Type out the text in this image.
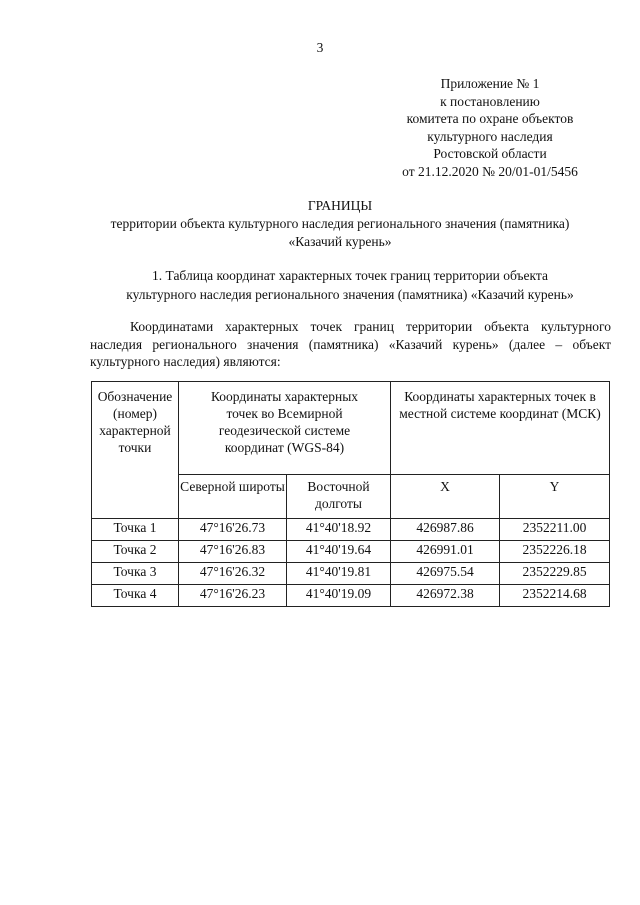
3
Приложение № 1
к постановлению
комитета по охране объектов
культурного наследия
Ростовской области
от 21.12.2020 № 20/01-01/5456
ГРАНИЦЫ
территории объекта культурного наследия регионального значения (памятника)
«Казачий курень»
1. Таблица координат характерных точек границ территории объекта
культурного наследия регионального значения (памятника) «Казачий курень»
Координатами характерных точек границ территории объекта культурного наследия регионального значения (памятника) «Казачий курень» (далее – объект культурного наследия) являются:
Обозначение (номер) характерной точки	Координаты характерных точек во Всемирной геодезической системе координат (WGS-84)		Координаты характерных точек в местной системе координат (МСК)	

	Северной широты	Восточной долготы	X	Y
Точка 1	47°16'26.73	41°40'18.92	426987.86	2352211.00
Точка 2	47°16'26.83	41°40'19.64	426991.01	2352226.18
Точка 3	47°16'26.32	41°40'19.81	426975.54	2352229.85
Точка 4	47°16'26.23	41°40'19.09	426972.38	2352214.68
